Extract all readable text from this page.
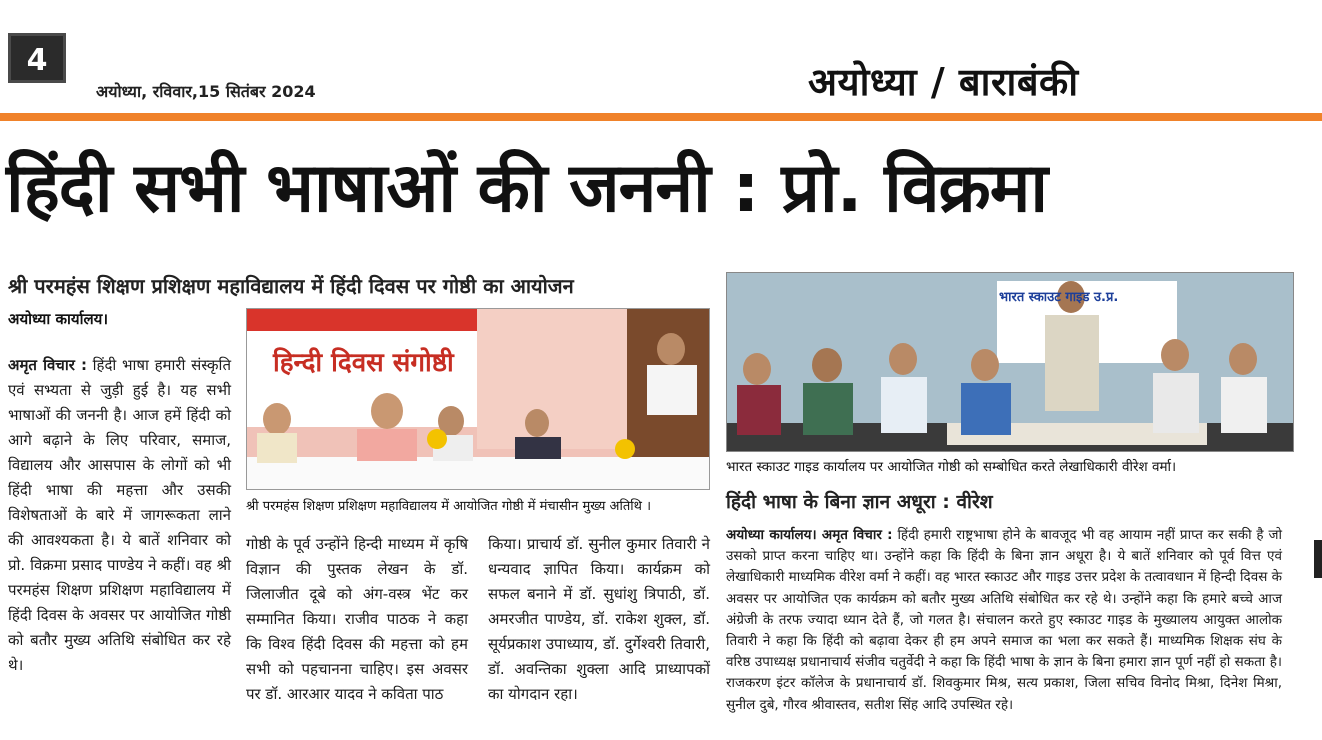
4
अयोध्या, रविवार,15 सितंबर 2024	अयोध्या / बाराबंकी
हिंदी सभी भाषाओं की जननी : प्रो. विक्रमा
श्री परमहंस शिक्षण प्रशिक्षण महाविद्यालय में हिंदी दिवस पर गोष्ठी का आयोजन
अयोध्या कार्यालय।
अमृत विचार : हिंदी भाषा हमारी संस्कृति एवं सभ्यता से जुड़ी हुई है। यह सभी भाषाओं की जननी है। आज हमें हिंदी को आगे बढ़ाने के लिए परिवार, समाज, विद्यालय और आसपास के लोगों को भी हिंदी भाषा की महत्ता और उसकी विशेषताओं के बारे में जागरूकता लाने की आवश्यकता है। ये बातें शनिवार को प्रो. विक्रमा प्रसाद पाण्डेय ने कहीं। वह श्री परमहंस शिक्षण प्रशिक्षण महाविद्यालय में हिंदी दिवस के अवसर पर आयोजित गोष्ठी को बतौर मुख्य अतिथि संबोधित कर रहे थे।
हिन्दी दिवस संगोष्ठी
श्री परमहंस शिक्षण प्रशिक्षण महाविद्यालय में आयोजित गोष्ठी में मंचासीन मुख्य अतिथि ।
गोष्ठी के पूर्व उन्होंने हिन्दी माध्यम में कृषि विज्ञान की पुस्तक लेखन के डॉ. जिलाजीत दूबे को अंग-वस्त्र भेंट कर सम्मानित किया। राजीव पाठक ने कहा कि विश्व हिंदी दिवस की महत्ता को हम सभी को पहचानना चाहिए। इस अवसर पर डॉ. आरआर यादव ने कविता पाठ
किया। प्राचार्य डॉ. सुनील कुमार तिवारी ने धन्यवाद ज्ञापित किया। कार्यक्रम को सफल बनाने में डॉ. सुधांशु त्रिपाठी, डॉ. अमरजीत पाण्डेय, डॉ. राकेश शुक्ल, डॉ. सूर्यप्रकाश उपाध्याय, डॉ. दुर्गेश्वरी तिवारी, डॉ. अवन्तिका शुक्ला आदि प्राध्यापकों का योगदान रहा।
भारत स्काउट गाइड उ.प्र.
भारत स्काउट गाइड कार्यालय पर आयोजित गोष्ठी को सम्बोधित करते लेखाधिकारी वीरेश वर्मा।
हिंदी भाषा के बिना ज्ञान अधूरा : वीरेश
अयोध्या कार्यालय। अमृत विचार : हिंदी हमारी राष्ट्रभाषा होने के बावजूद भी वह आयाम नहीं प्राप्त कर सकी है जो उसको प्राप्त करना चाहिए था। उन्होंने कहा कि हिंदी के बिना ज्ञान अधूरा है। ये बातें शनिवार को पूर्व वित्त एवं लेखाधिकारी माध्यमिक वीरेश वर्मा ने कहीं। वह भारत स्काउट और गाइड उत्तर प्रदेश के तत्वावधान में हिन्दी दिवस के अवसर पर आयोजित एक कार्यक्रम को बतौर मुख्य अतिथि संबोधित कर रहे थे। उन्होंने कहा कि हमारे बच्चे आज अंग्रेजी के तरफ ज्यादा ध्यान देते हैं, जो गलत है। संचालन करते हुए स्काउट गाइड के मुख्यालय आयुक्त आलोक तिवारी ने कहा कि हिंदी को बढ़ावा देकर ही हम अपने समाज का भला कर सकते हैं। माध्यमिक शिक्षक संघ के वरिष्ठ उपाध्यक्ष प्रधानाचार्य संजीव चतुर्वेदी ने कहा कि हिंदी भाषा के ज्ञान के बिना हमारा ज्ञान पूर्ण नहीं हो सकता है। राजकरण इंटर कॉलेज के प्रधानाचार्य डॉ. शिवकुमार मिश्र, सत्य प्रकाश, जिला सचिव विनोद मिश्रा, दिनेश मिश्रा, सुनील दुबे, गौरव श्रीवास्तव, सतीश सिंह आदि उपस्थित रहे।
